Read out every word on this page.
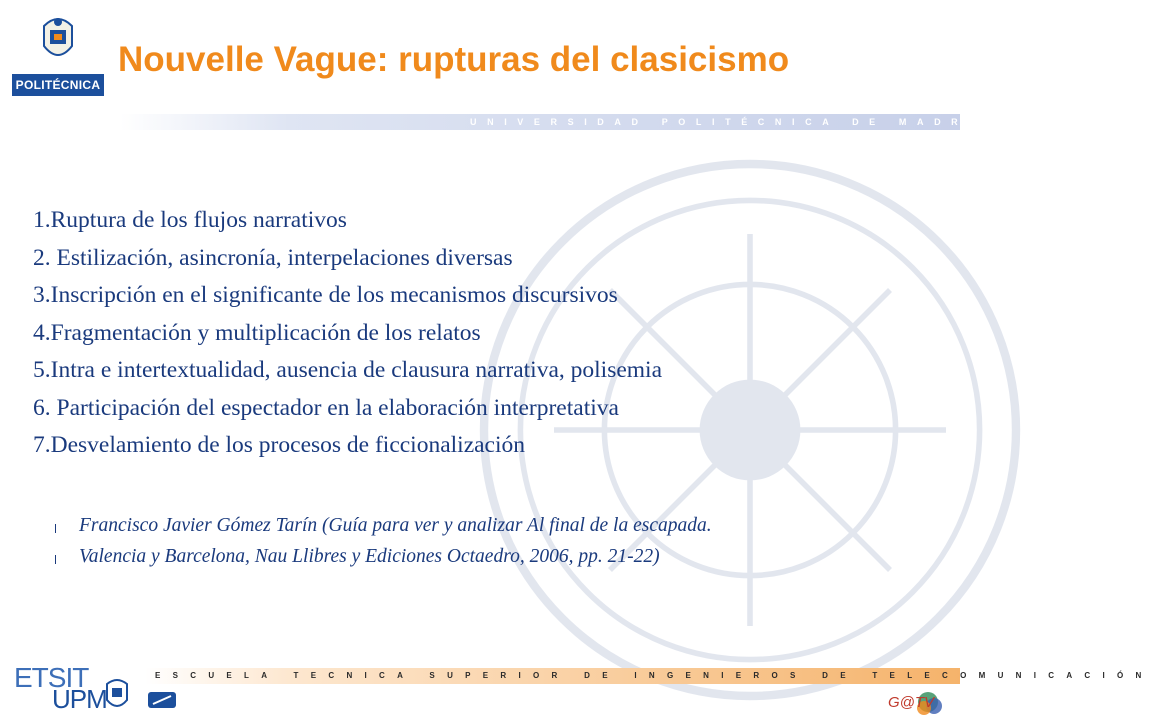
POLITÉCNICA
Nouvelle Vague: rupturas del clasicismo
UNIVERSIDAD POLITÉCNICA DE MADRID
1.Ruptura de los flujos narrativos
2. Estilización, asincronía, interpelaciones diversas
3.Inscripción en el significante de los mecanismos discursivos
4.Fragmentación y multiplicación de los relatos
5.Intra e intertextualidad, ausencia de clausura narrativa, polisemia
6. Participación del espectador en la elaboración interpretativa
7.Desvelamiento de los procesos de ficcionalización
Francisco Javier Gómez Tarín (Guía para ver y analizar Al final de la escapada.
Valencia y Barcelona, Nau Llibres y Ediciones Octaedro, 2006, pp. 21-22)
ESCUELA TECNICA SUPERIOR DE INGENIEROS DE TELECOMUNICACIÓN
ETSIT
UPM	G@TV
